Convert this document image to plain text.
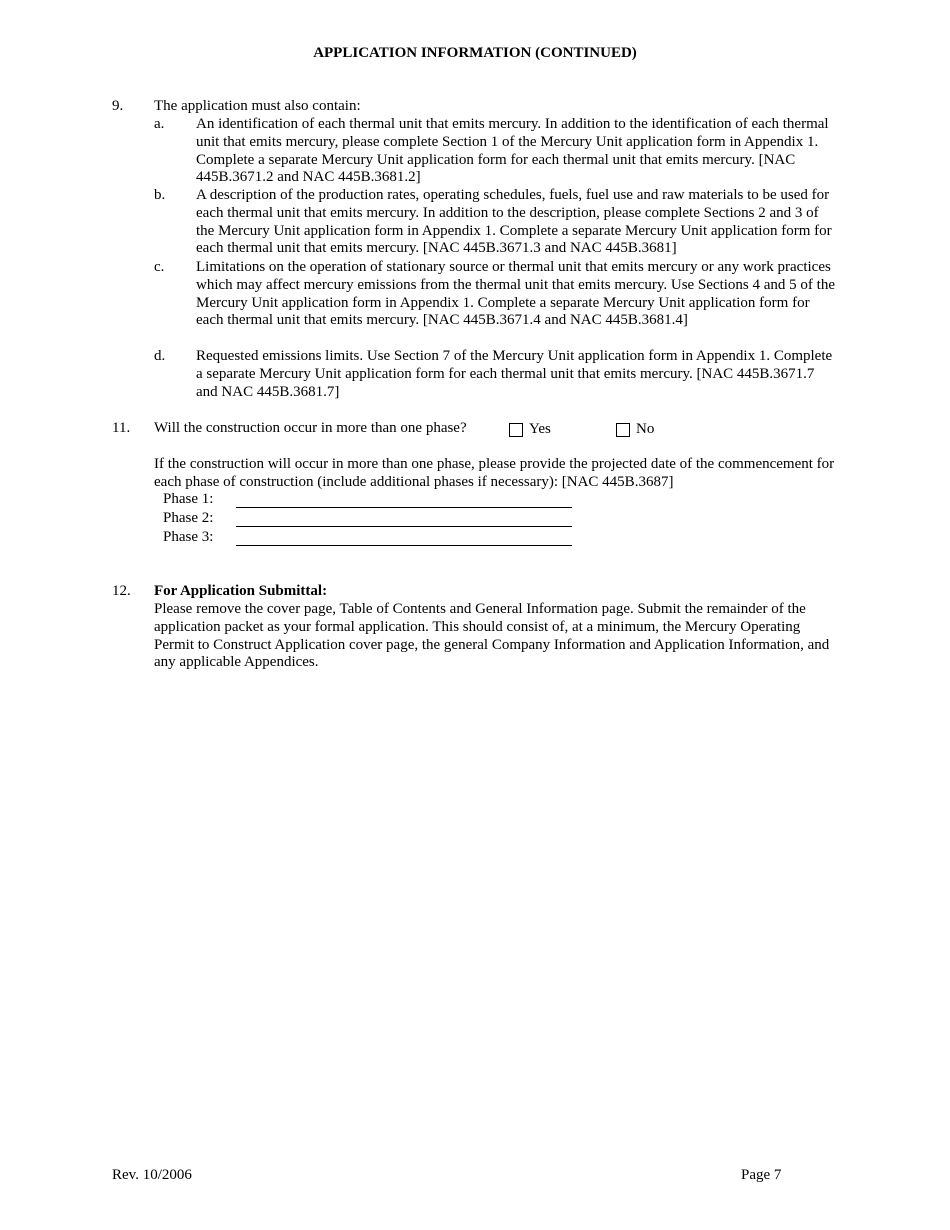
APPLICATION INFORMATION (CONTINUED)
9. The application must also contain:
a. An identification of each thermal unit that emits mercury. In addition to the identification of each thermal unit that emits mercury, please complete Section 1 of the Mercury Unit application form in Appendix 1. Complete a separate Mercury Unit application form for each thermal unit that emits mercury. [NAC 445B.3671.2 and NAC 445B.3681.2]
b. A description of the production rates, operating schedules, fuels, fuel use and raw materials to be used for each thermal unit that emits mercury. In addition to the description, please complete Sections 2 and 3 of the Mercury Unit application form in Appendix 1. Complete a separate Mercury Unit application form for each thermal unit that emits mercury. [NAC 445B.3671.3 and NAC 445B.3681]
c. Limitations on the operation of stationary source or thermal unit that emits mercury or any work practices which may affect mercury emissions from the thermal unit that emits mercury. Use Sections 4 and 5 of the Mercury Unit application form in Appendix 1. Complete a separate Mercury Unit application form for each thermal unit that emits mercury. [NAC 445B.3671.4 and NAC 445B.3681.4]
d. Requested emissions limits. Use Section 7 of the Mercury Unit application form in Appendix 1. Complete a separate Mercury Unit application form for each thermal unit that emits mercury. [NAC 445B.3671.7 and NAC 445B.3681.7]
11. Will the construction occur in more than one phase?	Yes	No
If the construction will occur in more than one phase, please provide the projected date of the commencement for each phase of construction (include additional phases if necessary): [NAC 445B.3687]
Phase 1:
Phase 2:
Phase 3:
12. For Application Submittal:
Please remove the cover page, Table of Contents and General Information page. Submit the remainder of the application packet as your formal application. This should consist of, at a minimum, the Mercury Operating Permit to Construct Application cover page, the general Company Information and Application Information, and any applicable Appendices.
Rev. 10/2006	Page 7
